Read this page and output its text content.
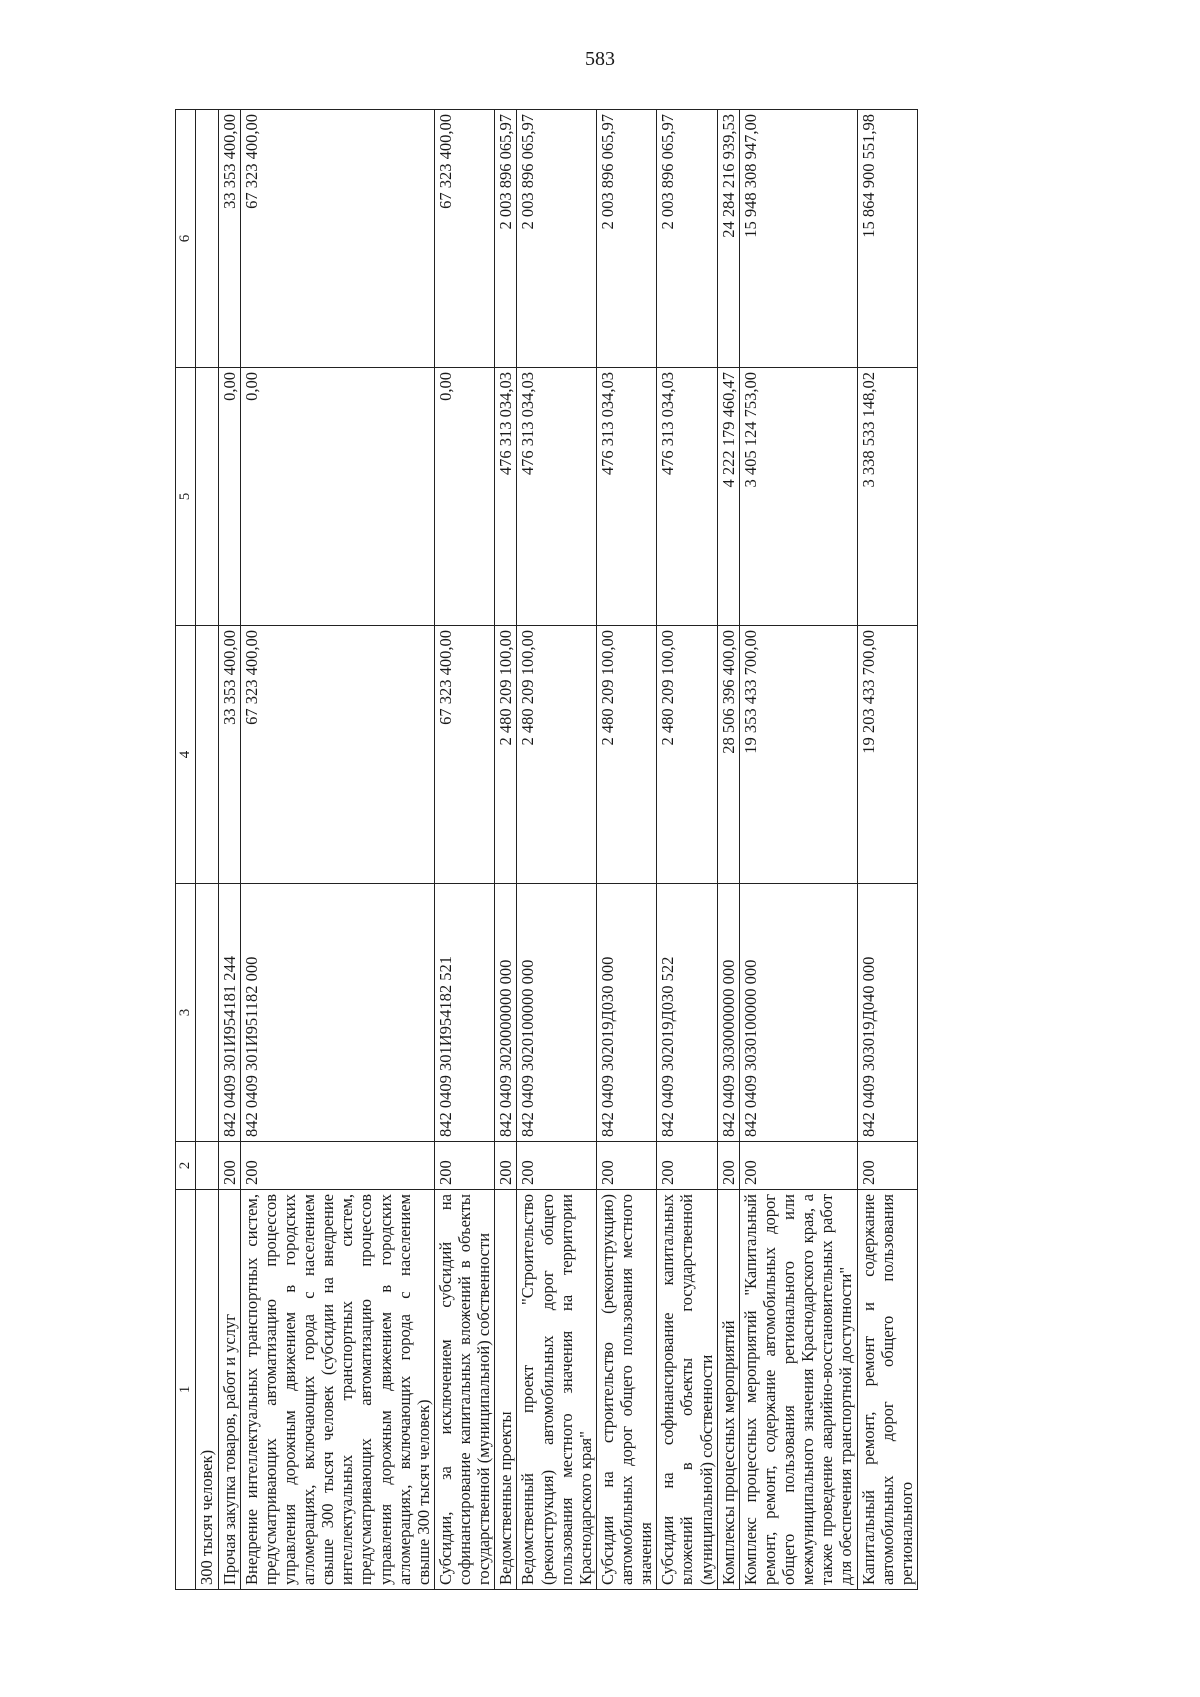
583
1	2	3	4	5	6
300 тысяч человек)					
Прочая закупка товаров, работ и услуг	200	842 0409 301И954181 244	33 353 400,00	0,00	33 353 400,00
Внедрение интеллектуальных транспортных систем, предусматривающих автоматизацию процессов управления дорожным движением в городских агломерациях, включающих города с населением свыше 300 тысяч человек (субсидии на внедрение интеллектуальных транспортных систем, предусматривающих автоматизацию процессов управления дорожным движением в городских агломерациях, включающих города с населением свыше 300 тысяч человек)	200	842 0409 301И951182 000	67 323 400,00	0,00	67 323 400,00
Субсидии, за исключением субсидий на софинансирование капитальных вложений в объекты государственной (муниципальной) собственности	200	842 0409 301И954182 521	67 323 400,00	0,00	67 323 400,00
Ведомственные проекты	200	842 0409 3020000000 000	2 480 209 100,00	476 313 034,03	2 003 896 065,97
Ведомственный проект "Строительство (реконструкция) автомобильных дорог общего пользования местного значения на территории Краснодарского края"	200	842 0409 3020100000 000	2 480 209 100,00	476 313 034,03	2 003 896 065,97
Субсидии на строительство (реконструкцию) автомобильных дорог общего пользования местного значения	200	842 0409 302019Д030 000	2 480 209 100,00	476 313 034,03	2 003 896 065,97
Субсидии на софинансирование капитальных вложений в объекты государственной (муниципальной) собственности	200	842 0409 302019Д030 522	2 480 209 100,00	476 313 034,03	2 003 896 065,97
Комплексы процессных мероприятий	200	842 0409 3030000000 000	28 506 396 400,00	4 222 179 460,47	24 284 216 939,53
Комплекс процессных мероприятий "Капитальный ремонт, ремонт, содержание автомобильных дорог общего пользования регионального или межмуниципального значения Краснодарского края, а также проведение аварийно-восстановительных работ для обеспечения транспортной доступности"	200	842 0409 3030100000 000	19 353 433 700,00	3 405 124 753,00	15 948 308 947,00
Капитальный ремонт, ремонт и содержание автомобильных дорог общего пользования регионального	200	842 0409 303019Д040 000	19 203 433 700,00	3 338 533 148,02	15 864 900 551,98
